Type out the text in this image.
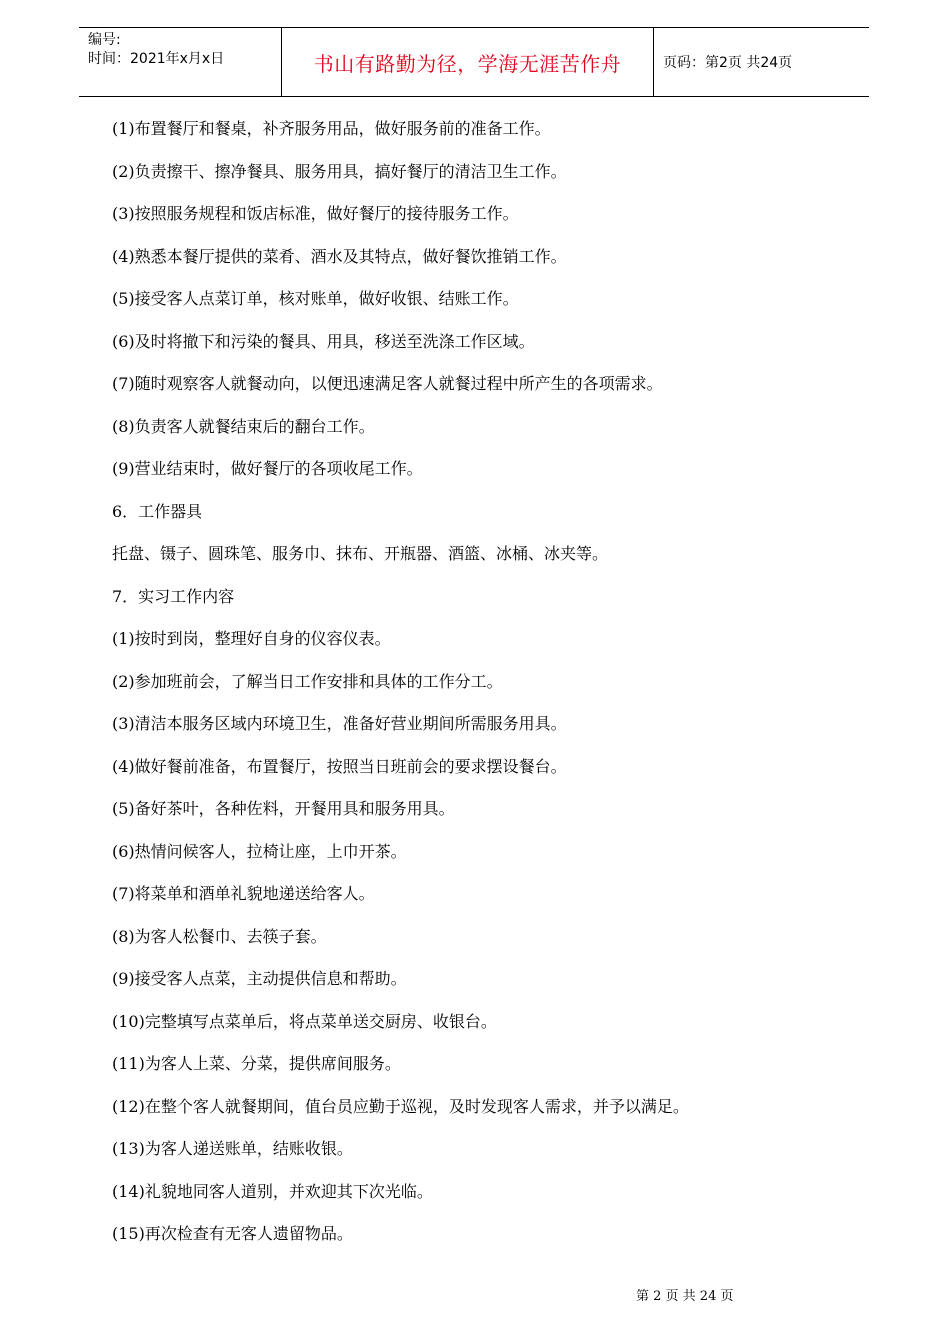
编号:
时间：2021年x月x日	书山有路勤为径，学海无涯苦作舟	页码：第2页 共24页
(1)布置餐厅和餐桌，补齐服务用品，做好服务前的准备工作。
(2)负责擦干、擦净餐具、服务用具，搞好餐厅的清洁卫生工作。
(3)按照服务规程和饭店标准，做好餐厅的接待服务工作。
(4)熟悉本餐厅提供的菜肴、酒水及其特点，做好餐饮推销工作。
(5)接受客人点菜订单，核对账单，做好收银、结账工作。
(6)及时将撤下和污染的餐具、用具，移送至洗涤工作区域。
(7)随时观察客人就餐动向，以便迅速满足客人就餐过程中所产生的各项需求。
(8)负责客人就餐结束后的翻台工作。
(9)营业结束时，做好餐厅的各项收尾工作。
6．工作器具
托盘、镊子、圆珠笔、服务巾、抹布、开瓶器、酒篮、冰桶、冰夹等。
7．实习工作内容
(1)按时到岗，整理好自身的仪容仪表。
(2)参加班前会，了解当日工作安排和具体的工作分工。
(3)清洁本服务区域内环境卫生，准备好营业期间所需服务用具。
(4)做好餐前准备，布置餐厅，按照当日班前会的要求摆设餐台。
(5)备好茶叶，各种佐料，开餐用具和服务用具。
(6)热情问候客人，拉椅让座，上巾开茶。
(7)将菜单和酒单礼貌地递送给客人。
(8)为客人松餐巾、去筷子套。
(9)接受客人点菜，主动提供信息和帮助。
(10)完整填写点菜单后，将点菜单送交厨房、收银台。
(11)为客人上菜、分菜，提供席间服务。
(12)在整个客人就餐期间，值台员应勤于巡视，及时发现客人需求，并予以满足。
(13)为客人递送账单，结账收银。
(14)礼貌地同客人道别，并欢迎其下次光临。
(15)再次检查有无客人遗留物品。
第 2 页 共 24 页
